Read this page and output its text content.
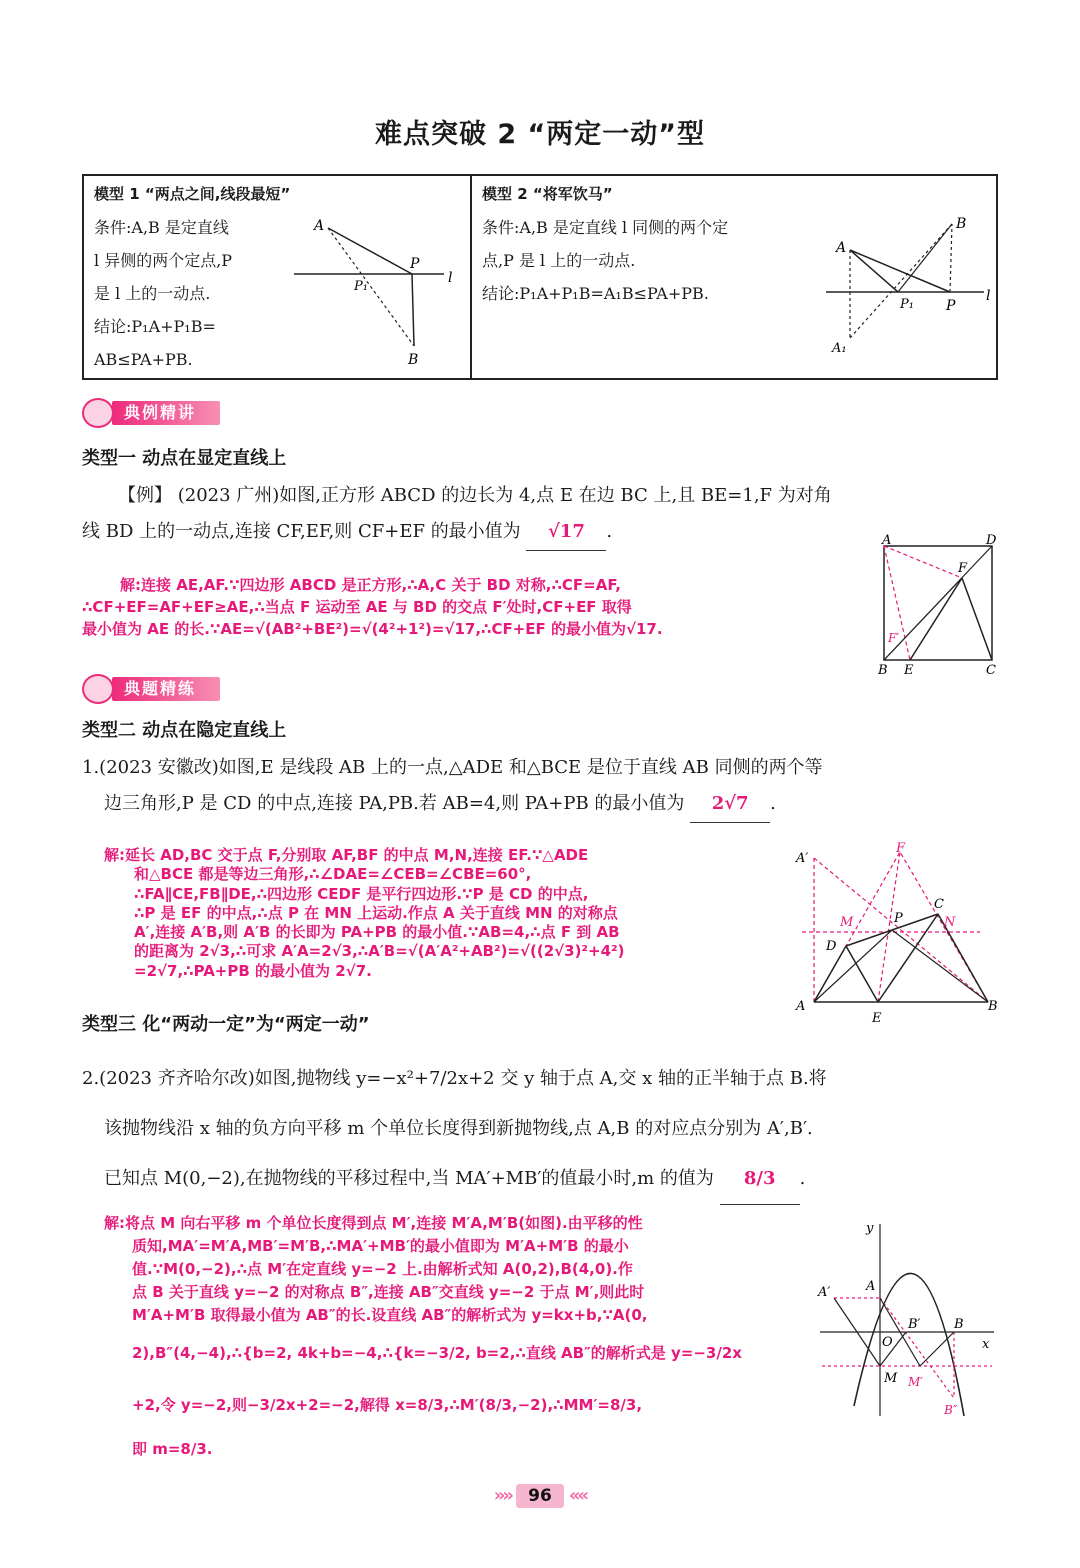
难点突破 2 “两定一动”型
模型 1 “两点之间,线段最短”
条件:A,B 是定直线
l 异侧的两个定点,P
是 l 上的一动点.
结论:P₁A+P₁B=
AB≤PA+PB.
A
P
P₁
l
B
模型 2 “将军饮马”
条件:A,B 是定直线 l 同侧的两个定
点,P 是 l 上的一动点.
结论:P₁A+P₁B=A₁B≤PA+PB.
A
B
P₁ P
l
A₁
典例精讲
类型一 动点在显定直线上
【例】 (2023 广州)如图,正方形 ABCD 的边长为 4,点 E 在边 BC 上,且 BE=1,F 为对角
线 BD 上的一动点,连接 CF,EF,则 CF+EF 的最小值为 √17 .
解:连接 AE,AF.∵四边形 ABCD 是正方形,∴A,C 关于 BD 对称,∴CF=AF,
∴CF+EF=AF+EF≥AE,∴当点 F 运动至 AE 与 BD 的交点 F′处时,CF+EF 取得
最小值为 AE 的长.∵AE=√(AB²+BE²)=√(4²+1²)=√17,∴CF+EF 的最小值为√17.
A	D
F
F′
B E	C
典题精练
类型二 动点在隐定直线上
1.(2023 安徽改)如图,E 是线段 AB 上的一点,△ADE 和△BCE 是位于直线 AB 同侧的两个等
边三角形,P 是 CD 的中点,连接 PA,PB.若 AB=4,则 PA+PB 的最小值为 2√7 .
解:延长 AD,BC 交于点 F,分别取 AF,BF 的中点 M,N,连接 EF.∵△ADE
和△BCE 都是等边三角形,∴∠DAE=∠CEB=∠CBE=60°,
∴FA∥CE,FB∥DE,∴四边形 CEDF 是平行四边形.∵P 是 CD 的中点,
∴P 是 EF 的中点,∴点 P 在 MN 上运动.作点 A 关于直线 MN 的对称点
A′,连接 A′B,则 A′B 的长即为 PA+PB 的最小值.∵AB=4,∴点 F 到 AB
的距离为 2√3,∴可求 A′A=2√3,∴A′B=√(A′A²+AB²)=√((2√3)²+4²)
=2√7,∴PA+PB 的最小值为 2√7.
A′
F
M	P
C
N
D
A
E
B
类型三 化“两动一定”为“两定一动”
2.(2023 齐齐哈尔改)如图,抛物线 y=−x²+7/2x+2 交 y 轴于点 A,交 x 轴的正半轴于点 B.将
该抛物线沿 x 轴的负方向平移 m 个单位长度得到新抛物线,点 A,B 的对应点分别为 A′,B′.
已知点 M(0,−2),在抛物线的平移过程中,当 MA′+MB′的值最小时,m 的值为 8/3 .
解:将点 M 向右平移 m 个单位长度得到点 M′,连接 M′A,M′B(如图).由平移的性
质知,MA′=M′A,MB′=M′B,∴MA′+MB′的最小值即为 M′A+M′B 的最小
值.∵M(0,−2),∴点 M′在定直线 y=−2 上.由解析式知 A(0,2),B(4,0).作
点 B 关于直线 y=−2 的对称点 B″,连接 AB″交直线 y=−2 于点 M′,则此时
M′A+M′B 取得最小值为 AB″的长.设直线 AB″的解析式为 y=kx+b,∵A(0,
2),B″(4,−4),∴{b=2, 4k+b=−4,∴{k=−3/2, b=2,∴直线 AB″的解析式是 y=−3/2x
+2,令 y=−2,则−3/2x+2=−2,解得 x=8/3,∴M′(8/3,−2),∴MM′=8/3,
即 m=8/3.
y
A′	A
B′	B
x
O
M M′
B″
»» 96 ««
